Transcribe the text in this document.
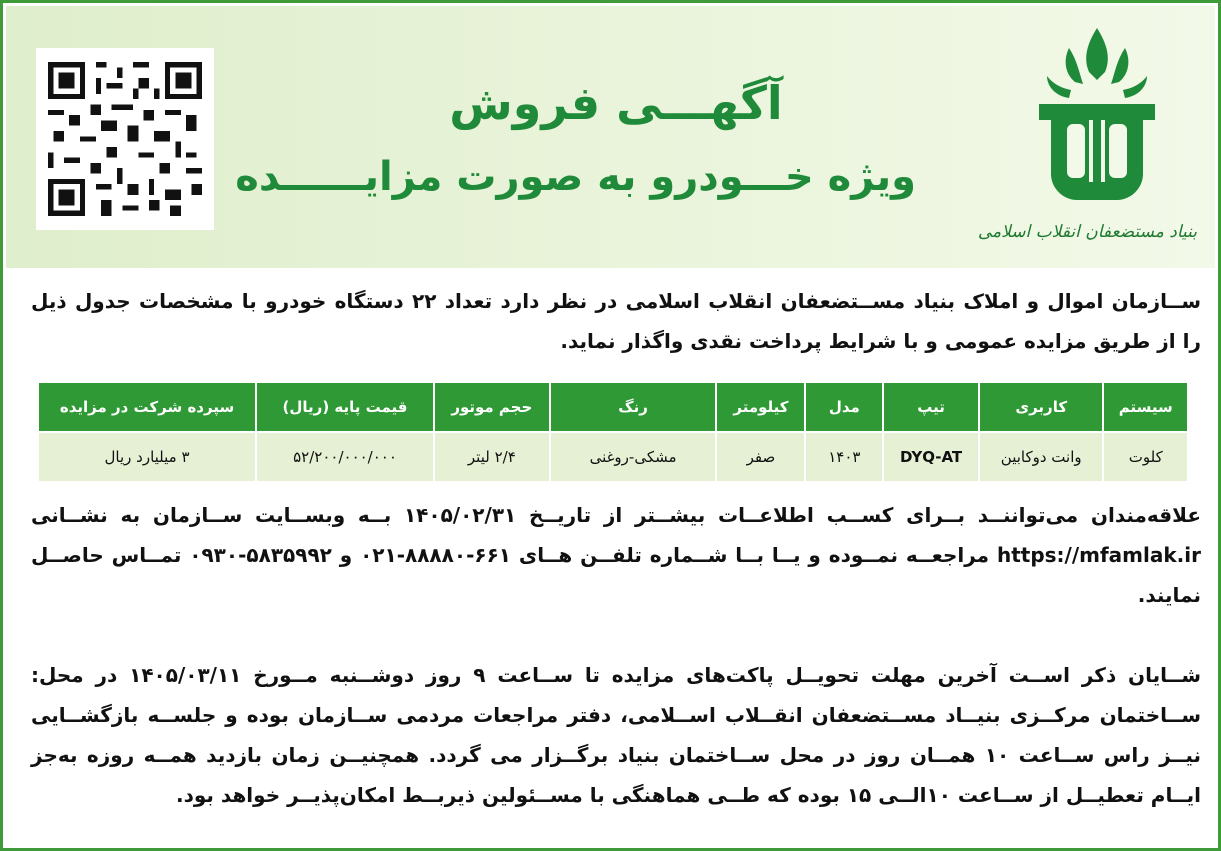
بنیاد مستضعفان انقلاب اسلامی
آگهـــی فروش
ویژه خـــودرو به صورت مزایــــــده

ســازمان اموال و املاک بنیاد مســتضعفان انقلاب اسلامی در نظر دارد تعداد ۲۲ دستگاه خودرو با مشخصات جدول ذیل را از طریق مزایده عمومی و با شرایط پرداخت نقدی واگذار نماید.

سیستم	کاربری	تیپ	مدل	کیلومتر	رنگ	حجم موتور	قیمت پایه (ریال)	سپرده شرکت در مزایده
کلوت	وانت دوکابین	DYQ-AT	۱۴۰۳	صفر	مشکی-روغنی	۲/۴ لیتر	۵۲/۲۰۰/۰۰۰/۰۰۰	۳ میلیارد ریال

علاقه‌مندان می‌تواننــد بــرای کســب اطلاعــات بیشــتر از تاریــخ ۱۴۰۵/۰۲/۳۱ بــه وبســایت ســازمان به نشــانی https://mfamlak.ir مراجعــه نمــوده و یــا بــا شــماره تلفــن هــای ۶۶۱-۸۸۸۸۰-۰۲۱ و ۵۸۳۵۹۹۲-۰۹۳۰ تمــاس حاصــل نمایند.

شــایان ذکر اســت آخرین مهلت تحویــل پاکت‌های مزایده تا ســاعت ۹ روز دوشــنبه مــورخ ۱۴۰۵/۰۳/۱۱ در محل: ســاختمان مرکــزی بنیــاد مســتضعفان انقــلاب اســلامی، دفتر مراجعات مردمی ســازمان بوده و جلســه بازگشــایی نیــز راس ســاعت ۱۰ همــان روز در محل ســاختمان بنیاد برگــزار می گردد. همچنیــن زمان بازدید همــه روزه به‌جز ایــام تعطیــل از ســاعت ۱۰الــی ۱۵ بوده که طــی هماهنگی با مســئولین ذیربــط امکان‌پذیــر خواهد بود.
